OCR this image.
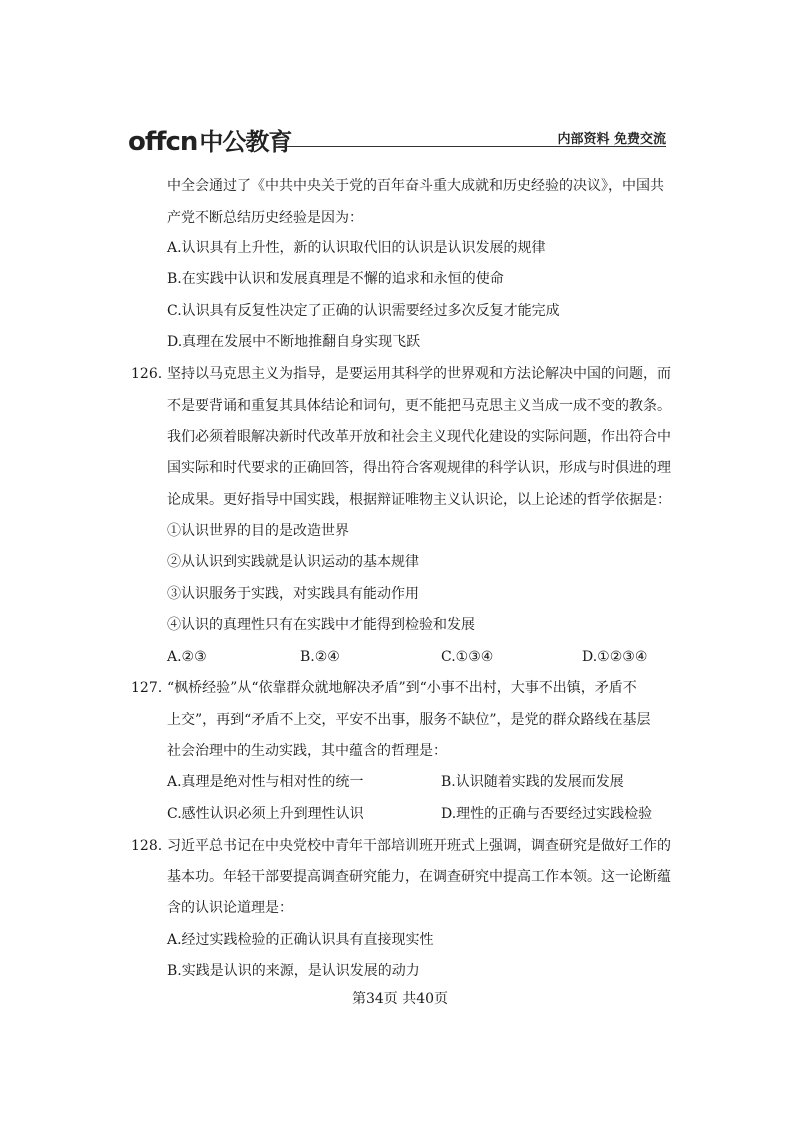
offcn 中公教育	内部资料 免费交流
中全会通过了《中共中央关于党的百年奋斗重大成就和历史经验的决议》，中国共
产党不断总结历史经验是因为：
A.认识具有上升性，新的认识取代旧的认识是认识发展的规律
B.在实践中认识和发展真理是不懈的追求和永恒的使命
C.认识具有反复性决定了正确的认识需要经过多次反复才能完成
D.真理在发展中不断地推翻自身实现飞跃
126. 坚持以马克思主义为指导，是要运用其科学的世界观和方法论解决中国的问题，而
不是要背诵和重复其具体结论和词句，更不能把马克思主义当成一成不变的教条。
我们必须着眼解决新时代改革开放和社会主义现代化建设的实际问题，作出符合中
国实际和时代要求的正确回答，得出符合客观规律的科学认识，形成与时俱进的理
论成果。更好指导中国实践，根据辩证唯物主义认识论，以上论述的哲学依据是：
①认识世界的目的是改造世界
②从认识到实践就是认识运动的基本规律
③认识服务于实践，对实践具有能动作用
④认识的真理性只有在实践中才能得到检验和发展
A.②③	B.②④	C.①③④	D.①②③④
127. “枫桥经验”从“依靠群众就地解决矛盾”到“小事不出村，大事不出镇，矛盾不
上交”，再到“矛盾不上交，平安不出事，服务不缺位”，是党的群众路线在基层
社会治理中的生动实践，其中蕴含的哲理是：
A.真理是绝对性与相对性的统一	B.认识随着实践的发展而发展
C.感性认识必须上升到理性认识	D.理性的正确与否要经过实践检验
128. 习近平总书记在中央党校中青年干部培训班开班式上强调，调查研究是做好工作的
基本功。年轻干部要提高调查研究能力，在调查研究中提高工作本领。这一论断蕴
含的认识论道理是：
A.经过实践检验的正确认识具有直接现实性
B.实践是认识的来源，是认识发展的动力
第34页 共40页
